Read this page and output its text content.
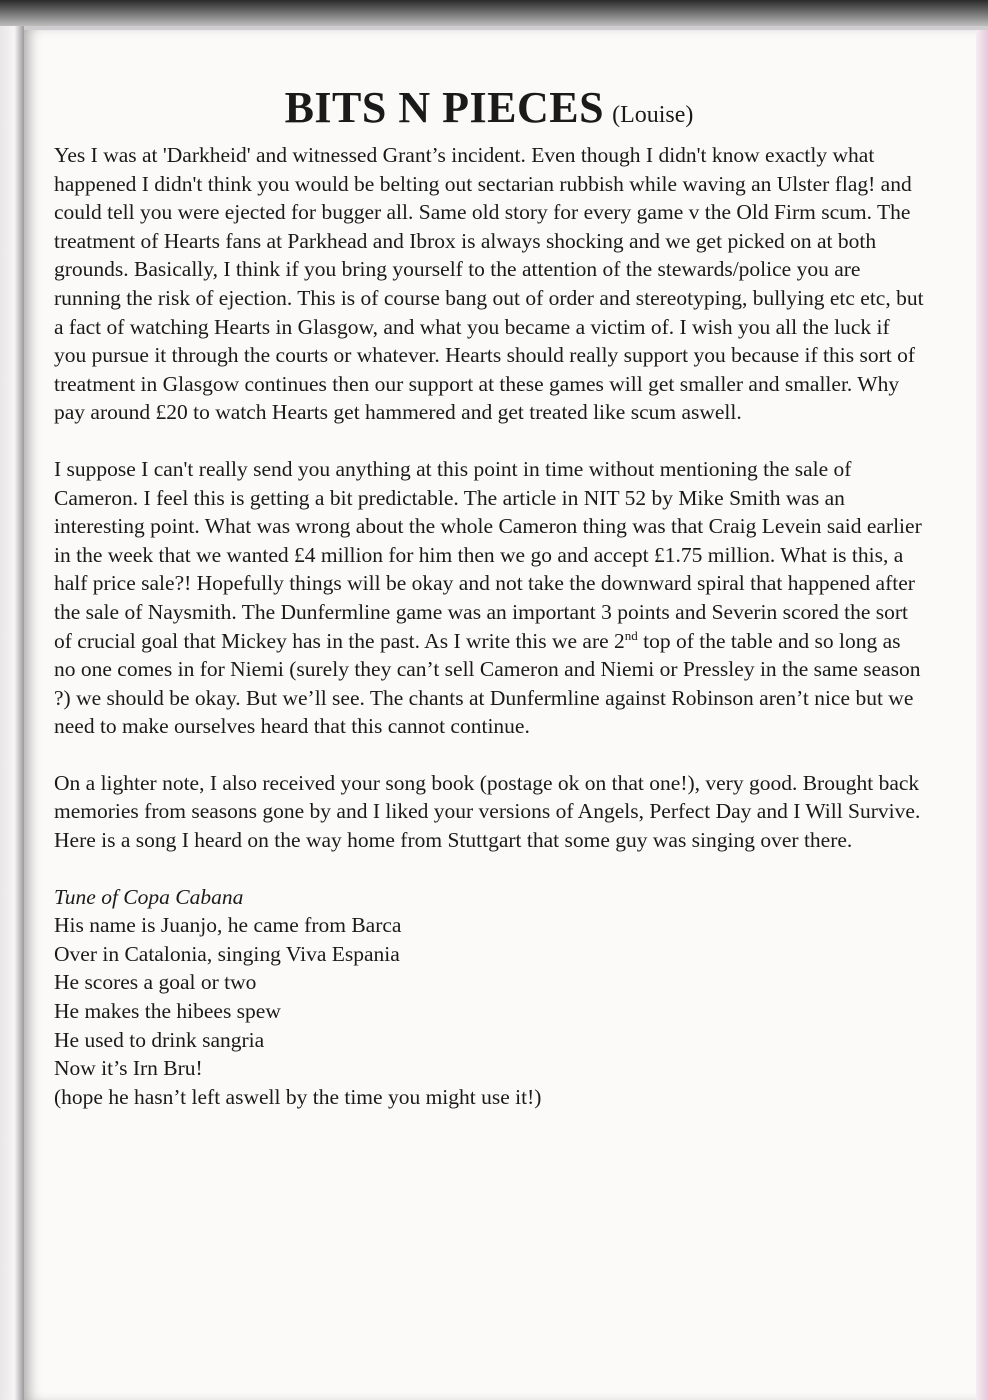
BITS N PIECES (Louise)

Yes I was at 'Darkheid' and witnessed Grant’s incident. Even though I didn't know exactly what happened I didn't think you would be belting out sectarian rubbish while waving an Ulster flag! and could tell you were ejected for bugger all. Same old story for every game v the Old Firm scum. The treatment of Hearts fans at Parkhead and Ibrox is always shocking and we get picked on at both grounds. Basically, I think if you bring yourself to the attention of the stewards/police you are running the risk of ejection. This is of course bang out of order and stereotyping, bullying etc etc, but a fact of watching Hearts in Glasgow, and what you became a victim of. I wish you all the luck if you pursue it through the courts or whatever. Hearts should really support you because if this sort of treatment in Glasgow continues then our support at these games will get smaller and smaller. Why pay around £20 to watch Hearts get hammered and get treated like scum aswell.

I suppose I can't really send you anything at this point in time without mentioning the sale of Cameron. I feel this is getting a bit predictable. The article in NIT 52 by Mike Smith was an interesting point. What was wrong about the whole Cameron thing was that Craig Levein said earlier in the week that we wanted £4 million for him then we go and accept £1.75 million. What is this, a half price sale?! Hopefully things will be okay and not take the downward spiral that happened after the sale of Naysmith. The Dunfermline game was an important 3 points and Severin scored the sort of crucial goal that Mickey has in the past. As I write this we are 2nd top of the table and so long as no one comes in for Niemi (surely they can’t sell Cameron and Niemi or Pressley in the same season ?) we should be okay. But we’ll see. The chants at Dunfermline against Robinson aren’t nice but we need to make ourselves heard that this cannot continue.

On a lighter note, I also received your song book (postage ok on that one!), very good. Brought back memories from seasons gone by and I liked your versions of Angels, Perfect Day and I Will Survive. Here is a song I heard on the way home from Stuttgart that some guy was singing over there.

Tune of Copa Cabana
His name is Juanjo, he came from Barca
Over in Catalonia, singing Viva Espania
He scores a goal or two
He makes the hibees spew
He used to drink sangria
Now it’s Irn Bru!
(hope he hasn’t left aswell by the time you might use it!)
